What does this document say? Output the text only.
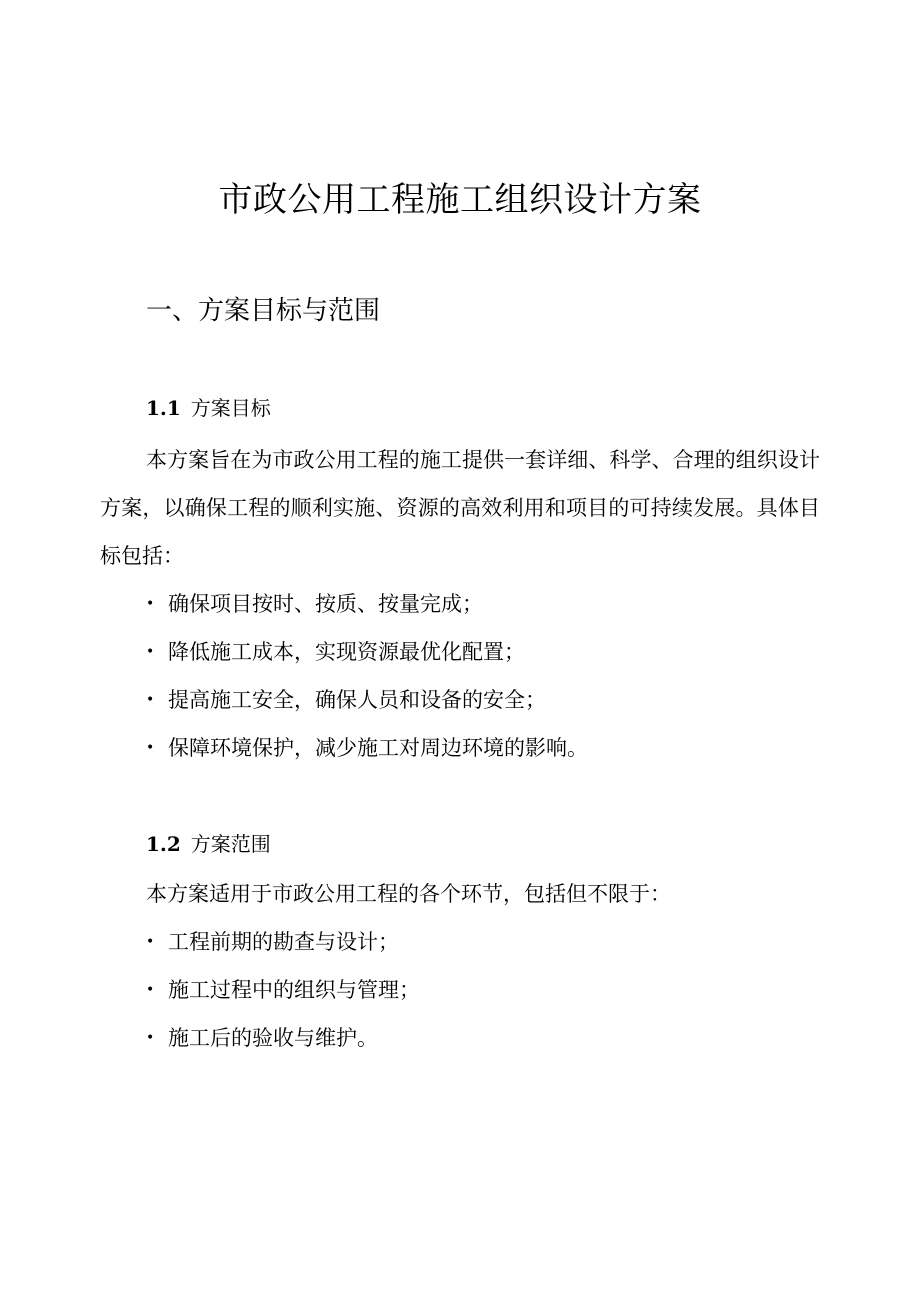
市政公用工程施工组织设计方案
一、方案目标与范围
1.1 方案目标

本方案旨在为市政公用工程的施工提供一套详细、科学、合理的组织设计方案，以确保工程的顺利实施、资源的高效利用和项目的可持续发展。具体目标包括：

• 确保项目按时、按质、按量完成；
• 降低施工成本，实现资源最优化配置；
• 提高施工安全，确保人员和设备的安全；
• 保障环境保护，减少施工对周边环境的影响。
1.2 方案范围

本方案适用于市政公用工程的各个环节，包括但不限于：

• 工程前期的勘查与设计；
• 施工过程中的组织与管理；
• 施工后的验收与维护。
